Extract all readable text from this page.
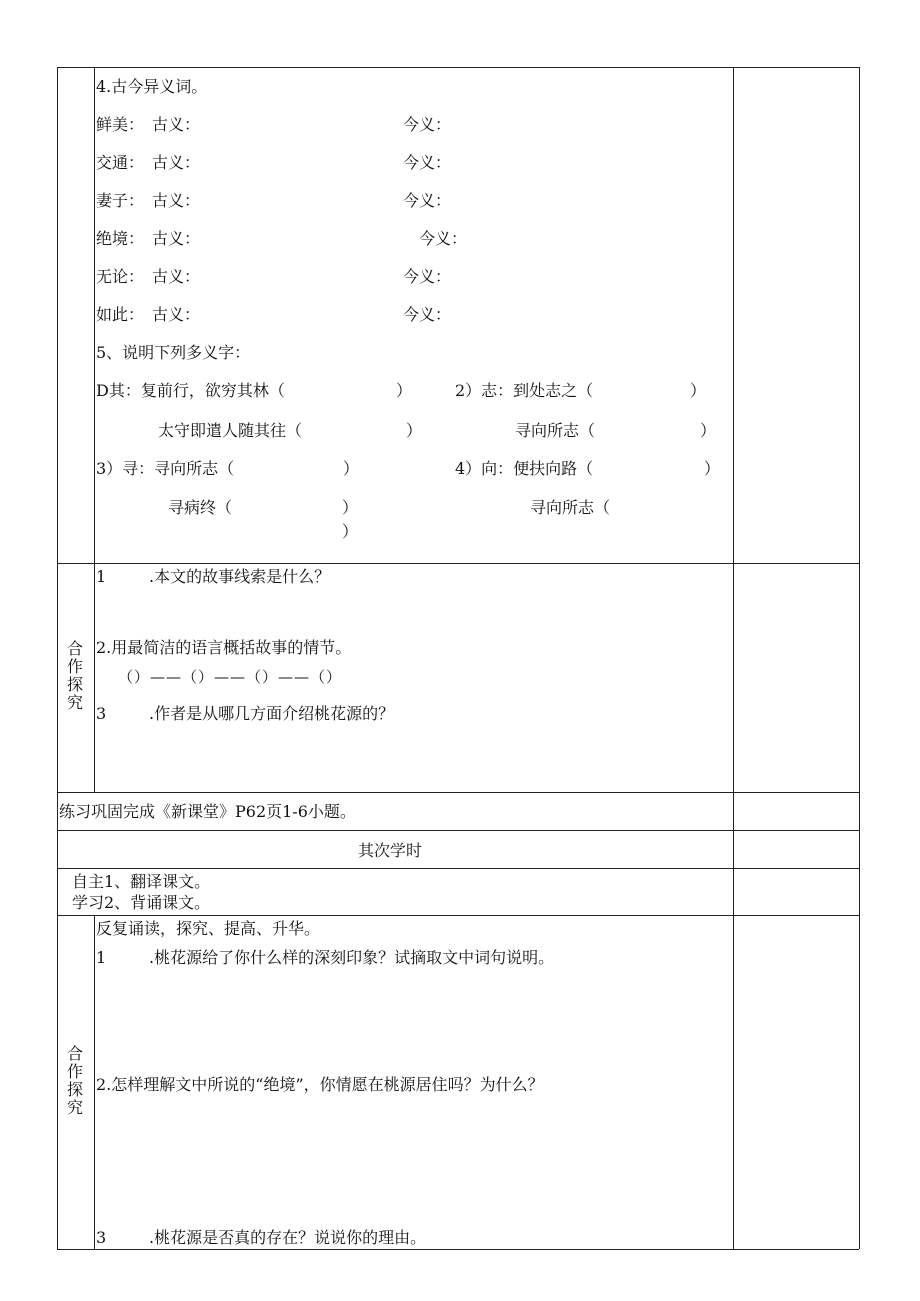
4.古今异义词。
鲜美： 古义：	今义：
交通： 古义：	今义：
妻子： 古义：	今义：
绝境： 古义：	今义：
无论： 古义：	今义：
如此： 古义：	今义：
5、说明下列多义字：
D其：复前行，欲穷其林（	）	2）志：到处志之（	）
太守即遣人随其往（	）	寻向所志（	）
3）寻：寻向所志（	）	4）向：便扶向路（	）
寻病终（	）	寻向所志（
）
合作探究
1	.本文的故事线索是什么？
2.用最简洁的语言概括故事的情节。
（）——（）——（）——（）
3	.作者是从哪几方面介绍桃花源的？
练习巩固完成《新课堂》P62页1-6小题。
其次学时
自主1、翻译课文。
学习2、背诵课文。
合作探究
反复诵读，探究、提高、升华。
1	.桃花源给了你什么样的深刻印象？试摘取文中词句说明。
2.怎样理解文中所说的“绝境”，你情愿在桃源居住吗？为什么？
3	.桃花源是否真的存在？说说你的理由。
